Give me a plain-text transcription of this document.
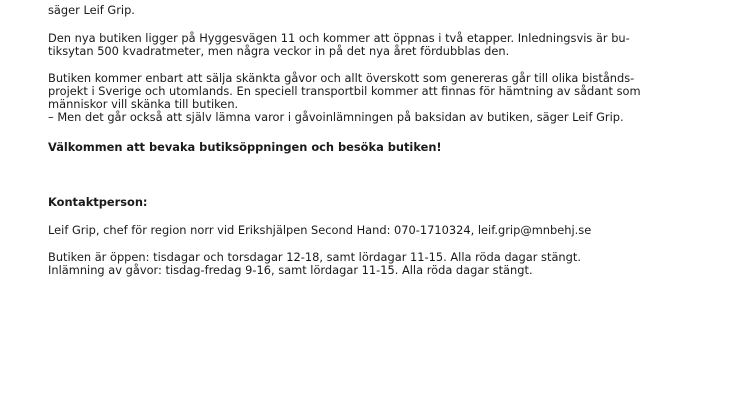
säger Leif Grip.

Den nya butiken ligger på Hyggesvägen 11 och kommer att öppnas i två etapper. Inledningsvis är bu-
tiksytan 500 kvadratmeter, men några veckor in på det nya året fördubblas den.

Butiken kommer enbart att sälja skänkta gåvor och allt överskott som genereras går till olika bistånds-
projekt i Sverige och utomlands. En speciell transportbil kommer att finnas för hämtning av sådant som
människor vill skänka till butiken.
– Men det går också att själv lämna varor i gåvoinlämningen på baksidan av butiken, säger Leif Grip.

Välkommen att bevaka butiksöppningen och besöka butiken!

Kontaktperson:

Leif Grip, chef för region norr vid Erikshjälpen Second Hand: 070-1710324, leif.grip@mnbehj.se

Butiken är öppen: tisdagar och torsdagar 12-18, samt lördagar 11-15. Alla röda dagar stängt.
Inlämning av gåvor: tisdag-fredag 9-16, samt lördagar 11-15. Alla röda dagar stängt.
